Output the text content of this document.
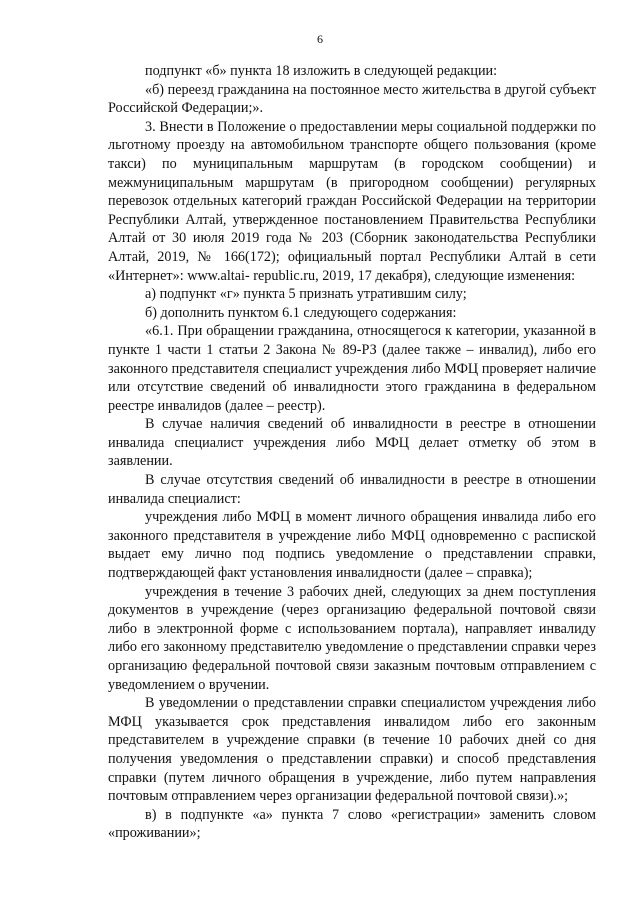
6

подпункт «б» пункта 18 изложить в следующей редакции:

«б) переезд гражданина на постоянное место жительства в другой субъект Российской Федерации;».

3. Внести в Положение о предоставлении меры социальной поддержки по льготному проезду на автомобильном транспорте общего пользования (кроме такси) по муниципальным маршрутам (в городском сообщении) и межмуниципальным маршрутам (в пригородном сообщении) регулярных перевозок отдельных категорий граждан Российской Федерации на территории Республики Алтай, утвержденное постановлением Правительства Республики Алтай от 30 июля 2019 года № 203 (Сборник законодательства Республики Алтай, 2019, № 166(172); официальный портал Республики Алтай в сети «Интернет»: www.altai- republic.ru, 2019, 17 декабря), следующие изменения:

а) подпункт «г» пункта 5 признать утратившим силу;

б) дополнить пунктом 6.1 следующего содержания:

«6.1. При обращении гражданина, относящегося к категории, указанной в пункте 1 части 1 статьи 2 Закона № 89-РЗ (далее также – инвалид), либо его законного представителя специалист учреждения либо МФЦ проверяет наличие или отсутствие сведений об инвалидности этого гражданина в федеральном реестре инвалидов (далее – реестр).

В случае наличия сведений об инвалидности в реестре в отношении инвалида специалист учреждения либо МФЦ делает отметку об этом в заявлении.

В случае отсутствия сведений об инвалидности в реестре в отношении инвалида специалист:

учреждения либо МФЦ в момент личного обращения инвалида либо его законного представителя в учреждение либо МФЦ одновременно с распиской выдает ему лично под подпись уведомление о представлении справки, подтверждающей факт установления инвалидности (далее – справка);

учреждения в течение 3 рабочих дней, следующих за днем поступления документов в учреждение (через организацию федеральной почтовой связи либо в электронной форме с использованием портала), направляет инвалиду либо его законному представителю уведомление о представлении справки через организацию федеральной почтовой связи заказным почтовым отправлением с уведомлением о вручении.

В уведомлении о представлении справки специалистом учреждения либо МФЦ указывается срок представления инвалидом либо его законным представителем в учреждение справки (в течение 10 рабочих дней со дня получения уведомления о представлении справки) и способ представления справки (путем личного обращения в учреждение, либо путем направления почтовым отправлением через организации федеральной почтовой связи).»;

в) в подпункте «а» пункта 7 слово «регистрации» заменить словом «проживании»;
